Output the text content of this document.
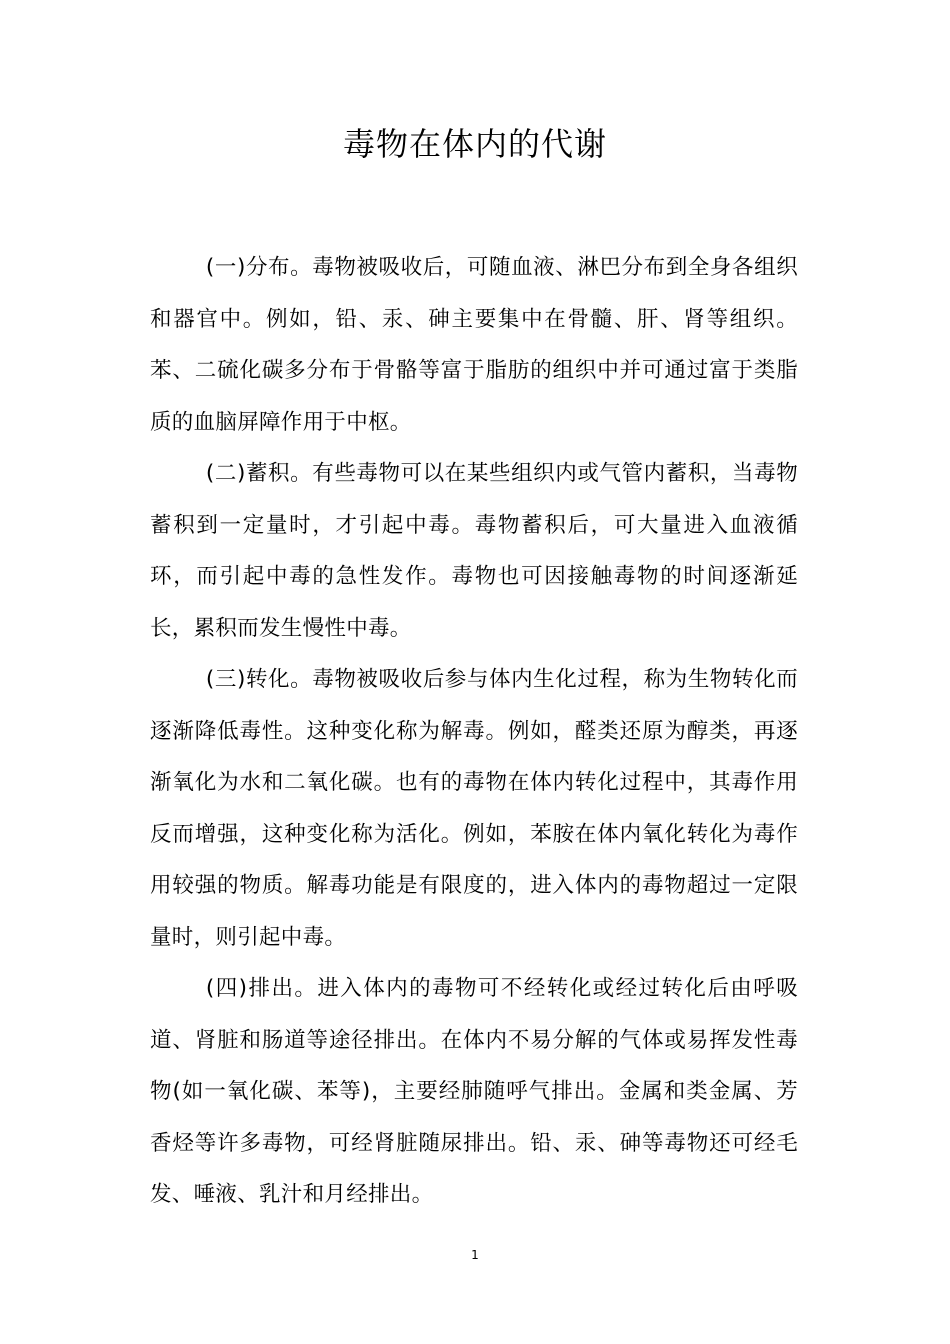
毒物在体内的代谢

(一)分布。毒物被吸收后，可随血液、淋巴分布到全身各组织和器官中。例如，铅、汞、砷主要集中在骨髓、肝、肾等组织。苯、二硫化碳多分布于骨骼等富于脂肪的组织中并可通过富于类脂质的血脑屏障作用于中枢。

(二)蓄积。有些毒物可以在某些组织内或气管内蓄积，当毒物蓄积到一定量时，才引起中毒。毒物蓄积后，可大量进入血液循环，而引起中毒的急性发作。毒物也可因接触毒物的时间逐渐延长，累积而发生慢性中毒。

(三)转化。毒物被吸收后参与体内生化过程，称为生物转化而逐渐降低毒性。这种变化称为解毒。例如，醛类还原为醇类，再逐渐氧化为水和二氧化碳。也有的毒物在体内转化过程中，其毒作用反而增强，这种变化称为活化。例如，苯胺在体内氧化转化为毒作用较强的物质。解毒功能是有限度的，进入体内的毒物超过一定限量时，则引起中毒。

(四)排出。进入体内的毒物可不经转化或经过转化后由呼吸道、肾脏和肠道等途径排出。在体内不易分解的气体或易挥发性毒物(如一氧化碳、苯等)，主要经肺随呼气排出。金属和类金属、芳香烃等许多毒物，可经肾脏随尿排出。铅、汞、砷等毒物还可经毛发、唾液、乳汁和月经排出。

1
